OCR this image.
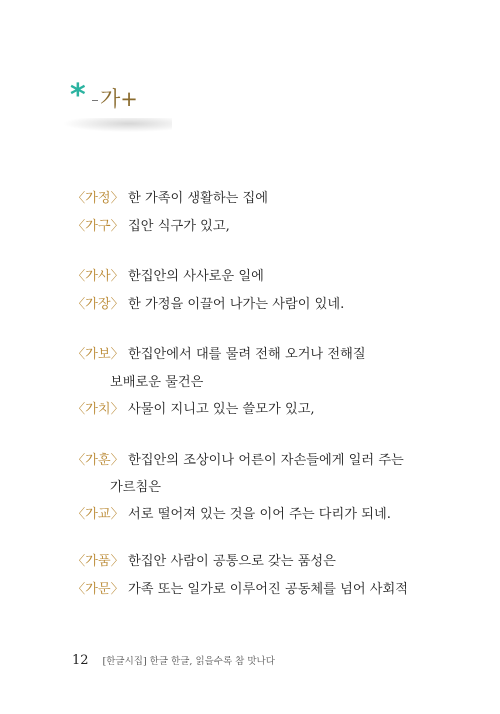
* 가+
〈가정〉 한 가족이 생활하는 집에
〈가구〉 집안 식구가 있고,
〈가사〉 한집안의 사사로운 일에
〈가장〉 한 가정을 이끌어 나가는 사람이 있네.
〈가보〉 한집안에서 대를 물려 전해 오거나 전해질
보배로운 물건은
〈가치〉 사물이 지니고 있는 쓸모가 있고,
〈가훈〉 한집안의 조상이나 어른이 자손들에게 일러 주는
가르침은
〈가교〉 서로 떨어져 있는 것을 이어 주는 다리가 되네.
〈가품〉 한집안 사람이 공통으로 갖는 품성은
〈가문〉 가족 또는 일가로 이루어진 공동체를 넘어 사회적
12 [한글시집] 한글 한글, 읽을수록 참 맛나다
